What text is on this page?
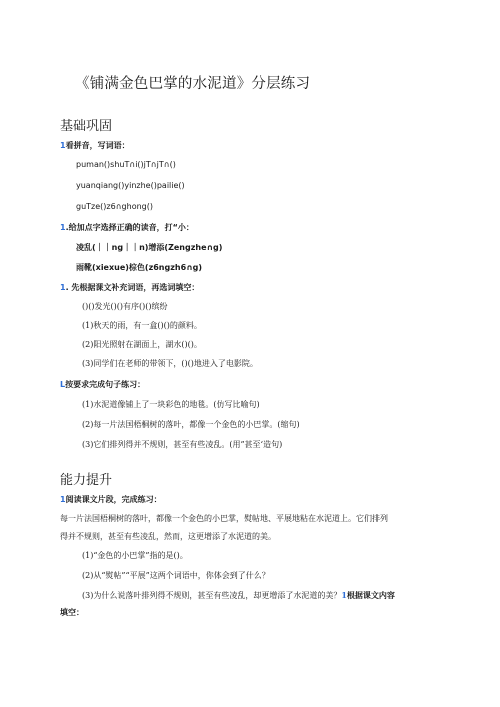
《铺满金色巴掌的水泥道》分层练习
基础巩固
1看拼音，写词语：
puman()shuT∩i()jT∩jT∩()
yuanqiang()yinzhe()pailie()
guTze()z6∩ghong()
1.给加点字选择正确的读音，打“小：
凌乱(｜｜ng｜｜n)增添(Zengzhe∩g)
雨靴(xiexue)棕色(z6ngzh6∩g)
1. 先根据课文补充词语，再选词填空：
()()发光()()有序()()缤纷
(1)秋天的雨，有一盒()()的颜料。
(2)阳光照射在湖面上，湖水()()。
(3)同学们在老师的带领下，()()地进入了电影院。
L按要求完成句子练习：
(1)水泥道像铺上了一块彩色的地毯。(仿写比喻句)
(2)每一片法国梧桐树的落叶，都像一个金色的小巴掌。(缩句)
(3)它们排列得并不规则，甚至有些凌乱。(用”甚至‘造句)
能力提升
1阅读课文片段，完成练习：
每一片法国梧桐树的落叶，都像一个金色的小巴掌，熨帖地、平展地粘在水泥道上。它们排列
得并不规则，甚至有些凌乱，然而，这更增添了水泥道的美。
(1)“金色的小巴掌”指的是()。
(2)从“熨帖”“平展”这两个词语中，你体会到了什么？
(3)为什么说落叶排列得不规则，甚至有些凌乱，却更增添了水泥道的美？1根据课文内容
填空：
